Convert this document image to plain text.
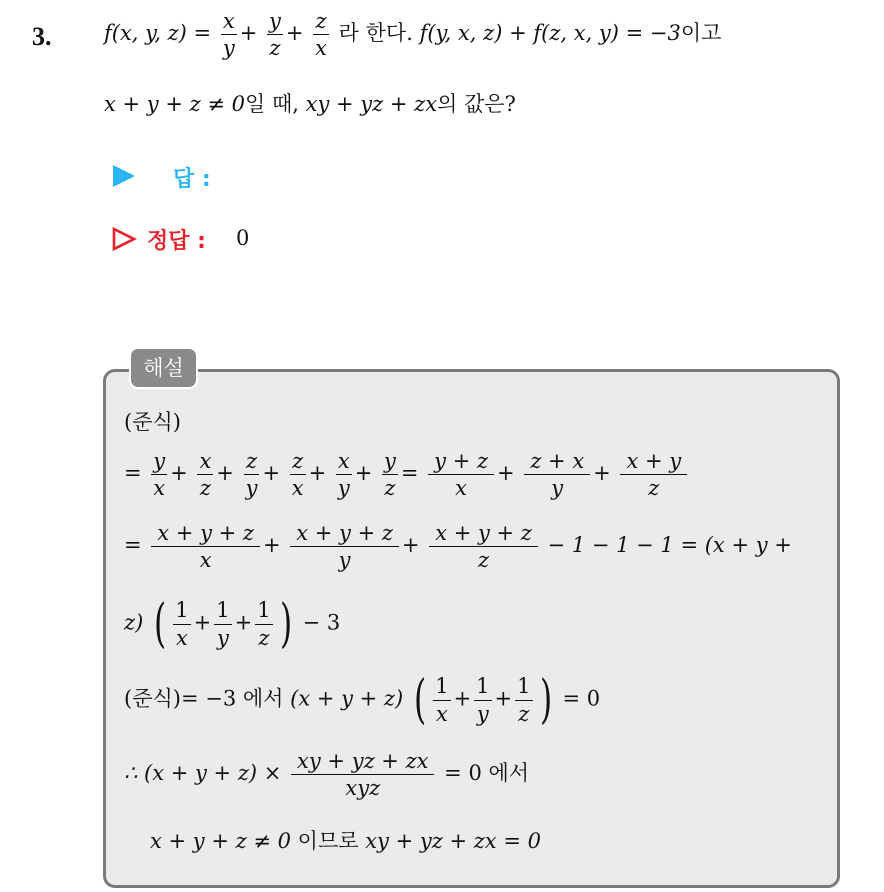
3.	f(x, y, $z) = \frac{x}{y} + \frac{y}{z} + \frac{z}{x}$ 라 한다. f(y, x, z) + f(z, x, y) = −3이고
x + y + z ≠ 0일 때, xy + yz + zx의 값은?
답 :
정답 : 0
해설
(준식)
= $\frac{y}{x} + \frac{x}{z} + \frac{z}{y} + \frac{z}{x} + \frac{x}{y} + \frac{y}{z} = \frac{y + z}{x} + \frac{z + x}{y} + \frac{x + y}{z}$
= $\frac{x + y + z}{x} + \frac{x + y + z}{y} + \frac{x + y + z}{z} - 1 - 1 - 1 = (x + y$ +
z) ( $\frac{1}{x} + \frac{1}{y} + \frac{1}{z}$ ) − 3
(준식)= −3 에서 (x + y + z) ( $\frac{1}{x} + \frac{1}{y} + \frac{1}{z}$ ) = 0
∴ $(x + y + z) \times \frac{xy + yz + zx}{\text{xyz}} = 0$ 에서
x + y + z ≠ 0 이므로 xy + yz + zx = 0
